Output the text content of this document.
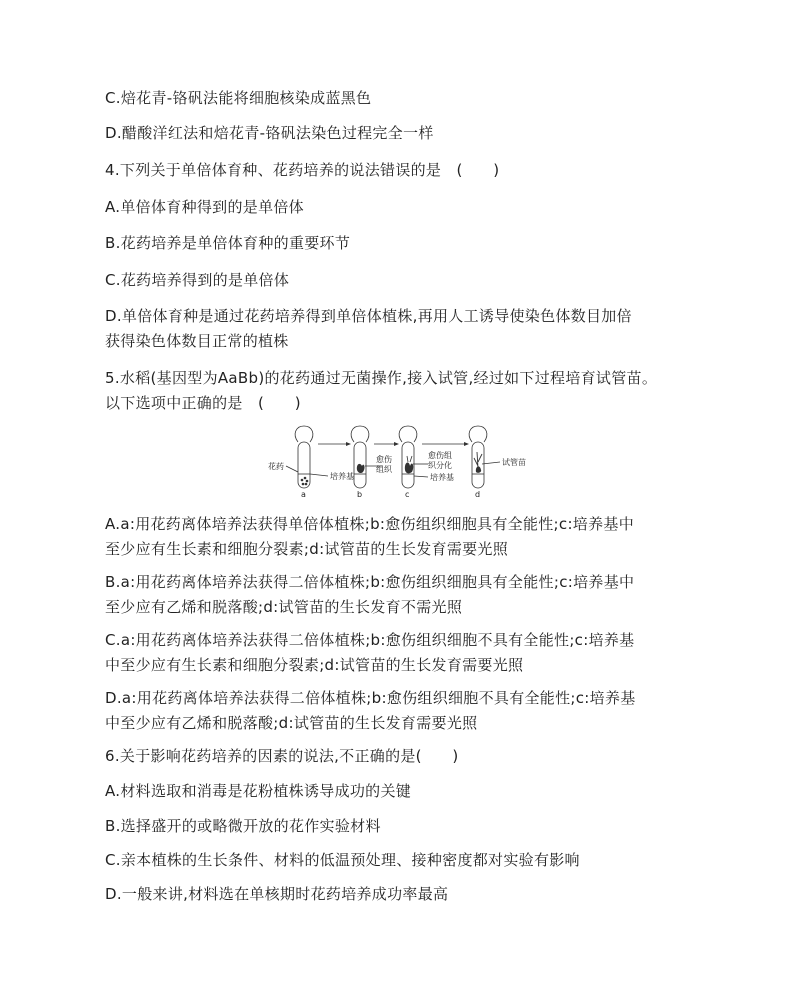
C.焙花青-铬矾法能将细胞核染成蓝黑色
D.醋酸洋红法和焙花青-铬矾法染色过程完全一样
4.下列关于单倍体育种、花药培养的说法错误的是　(　　)
A.单倍体育种得到的是单倍体
B.花药培养是单倍体育种的重要环节
C.花药培养得到的是单倍体
D.单倍体育种是通过花药培养得到单倍体植株,再用人工诱导使染色体数目加倍
获得染色体数目正常的植株
5.水稻(基因型为AaBb)的花药通过无菌操作,接入试管,经过如下过程培育试管苗。
以下选项中正确的是　(　　)
花药
培养基
愈伤
组织
愈伤组
织分化
培养基
试管苗
a	b	c	d
A.a:用花药离体培养法获得单倍体植株;b:愈伤组织细胞具有全能性;c:培养基中
至少应有生长素和细胞分裂素;d:试管苗的生长发育需要光照
B.a:用花药离体培养法获得二倍体植株;b:愈伤组织细胞具有全能性;c:培养基中
至少应有乙烯和脱落酸;d:试管苗的生长发育不需光照
C.a:用花药离体培养法获得二倍体植株;b:愈伤组织细胞不具有全能性;c:培养基
中至少应有生长素和细胞分裂素;d:试管苗的生长发育需要光照
D.a:用花药离体培养法获得二倍体植株;b:愈伤组织细胞不具有全能性;c:培养基
中至少应有乙烯和脱落酸;d:试管苗的生长发育需要光照
6.关于影响花药培养的因素的说法,不正确的是(　　)
A.材料选取和消毒是花粉植株诱导成功的关键
B.选择盛开的或略微开放的花作实验材料
C.亲本植株的生长条件、材料的低温预处理、接种密度都对实验有影响
D.一般来讲,材料选在单核期时花药培养成功率最高
